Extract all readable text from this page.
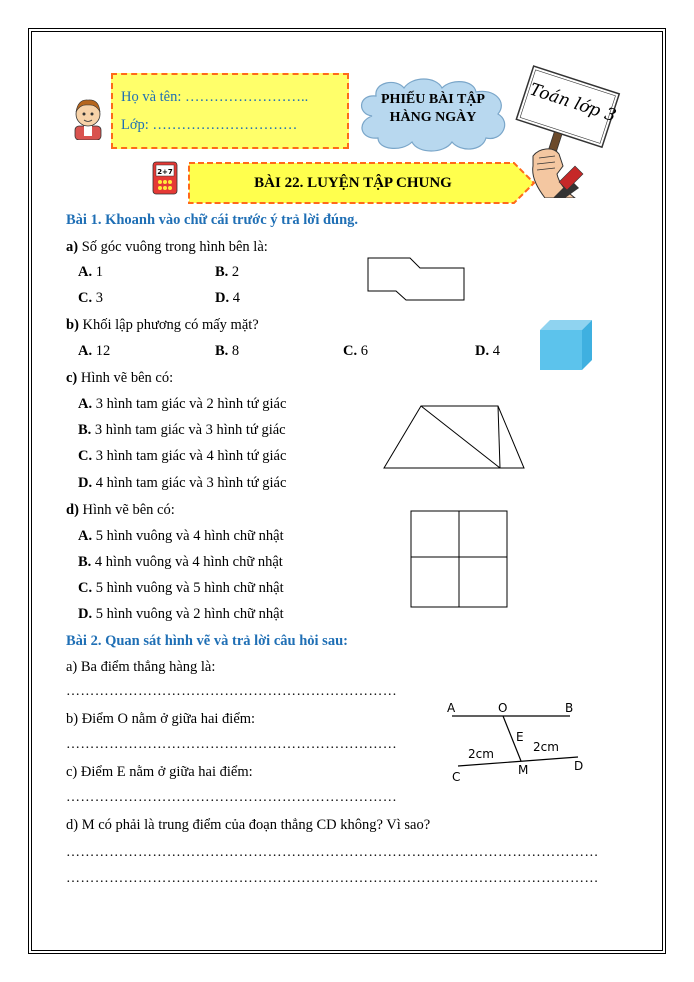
Họ và tên: ……………………..
Lớp: …………………………
PHIẾU BÀI TẬP
HÀNG NGÀY	Toán lớp 3
2+7
BÀI 22. LUYỆN TẬP CHUNG
Bài 1. Khoanh vào chữ cái trước ý trả lời đúng.
a) Số góc vuông trong hình bên là:
A. 1	B. 2
C. 3	D. 4
b) Khối lập phương có mấy mặt?
A. 12	B. 8	C. 6	D. 4
c) Hình vẽ bên có:
A. 3 hình tam giác và 2 hình tứ giác
B. 3 hình tam giác và 3 hình tứ giác
C. 3 hình tam giác và 4 hình tứ giác
D. 4 hình tam giác và 3 hình tứ giác
d) Hình vẽ bên có:
A. 5 hình vuông và 4 hình chữ nhật
B. 4 hình vuông và 4 hình chữ nhật
C. 5 hình vuông và 5 hình chữ nhật
D. 5 hình vuông và 2 hình chữ nhật
Bài 2. Quan sát hình vẽ và trả lời câu hỏi sau:
a) Ba điểm thẳng hàng là:
……………………………………………………………
b) Điểm O nằm ở giữa hai điểm:
……………………………………………………………
c) Điểm E nằm ở giữa hai điểm:
……………………………………………………………
d) M có phải là trung điểm của đoạn thẳng CD không? Vì sao?
…………………………………………………………………………………………………
…………………………………………………………………………………………………
A	O	B
E
C	M	D
2cm	2cm
